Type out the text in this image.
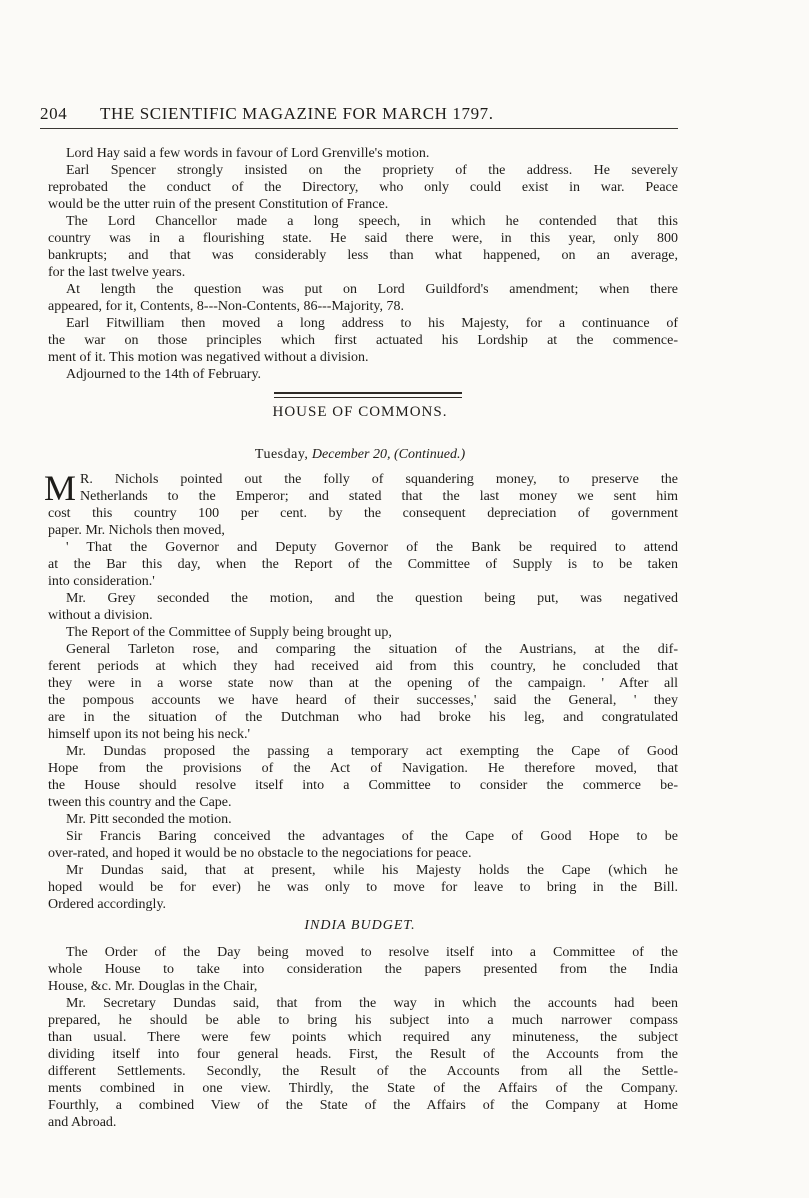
204 THE SCIENTIFIC MAGAZINE FOR MARCH 1797.
Lord Hay said a few words in favour of Lord Grenville's motion.
Earl Spencer strongly insisted on the propriety of the address. He severely
reprobated the conduct of the Directory, who only could exist in war. Peace
would be the utter ruin of the present Constitution of France.
The Lord Chancellor made a long speech, in which he contended that this
country was in a flourishing state. He said there were, in this year, only 800
bankrupts; and that was considerably less than what happened, on an average,
for the last twelve years.
At length the question was put on Lord Guildford's amendment; when there
appeared, for it, Contents, 8---Non-Contents, 86---Majority, 78.
Earl Fitwilliam then moved a long address to his Majesty, for a continuance of
the war on those principles which first actuated his Lordship at the commence-
ment of it. This motion was negatived without a division.
Adjourned to the 14th of February.
HOUSE OF COMMONS.
Tuesday, December 20, (Continued.)
M R. Nichols pointed out the folly of squandering money, to preserve the
Netherlands to the Emperor; and stated that the last money we sent him
cost this country 100 per cent. by the consequent depreciation of government
paper. Mr. Nichols then moved,
' That the Governor and Deputy Governor of the Bank be required to attend
at the Bar this day, when the Report of the Committee of Supply is to be taken
into consideration.'
Mr. Grey seconded the motion, and the question being put, was negatived
without a division.
The Report of the Committee of Supply being brought up,
General Tarleton rose, and comparing the situation of the Austrians, at the dif-
ferent periods at which they had received aid from this country, he concluded that
they were in a worse state now than at the opening of the campaign. ' After all
the pompous accounts we have heard of their successes,' said the General, ' they
are in the situation of the Dutchman who had broke his leg, and congratulated
himself upon its not being his neck.'
Mr. Dundas proposed the passing a temporary act exempting the Cape of Good
Hope from the provisions of the Act of Navigation. He therefore moved, that
the House should resolve itself into a Committee to consider the commerce be-
tween this country and the Cape.
Mr. Pitt seconded the motion.
Sir Francis Baring conceived the advantages of the Cape of Good Hope to be
over-rated, and hoped it would be no obstacle to the negociations for peace.
Mr Dundas said, that at present, while his Majesty holds the Cape (which he
hoped would be for ever) he was only to move for leave to bring in the Bill.
Ordered accordingly.
INDIA BUDGET.
The Order of the Day being moved to resolve itself into a Committee of the
whole House to take into consideration the papers presented from the India
House, &c. Mr. Douglas in the Chair,
Mr. Secretary Dundas said, that from the way in which the accounts had been
prepared, he should be able to bring his subject into a much narrower compass
than usual. There were few points which required any minuteness, the subject
dividing itself into four general heads. First, the Result of the Accounts from the
different Settlements. Secondly, the Result of the Accounts from all the Settle-
ments combined in one view. Thirdly, the State of the Affairs of the Company.
Fourthly, a combined View of the State of the Affairs of the Company at Home
and Abroad.
